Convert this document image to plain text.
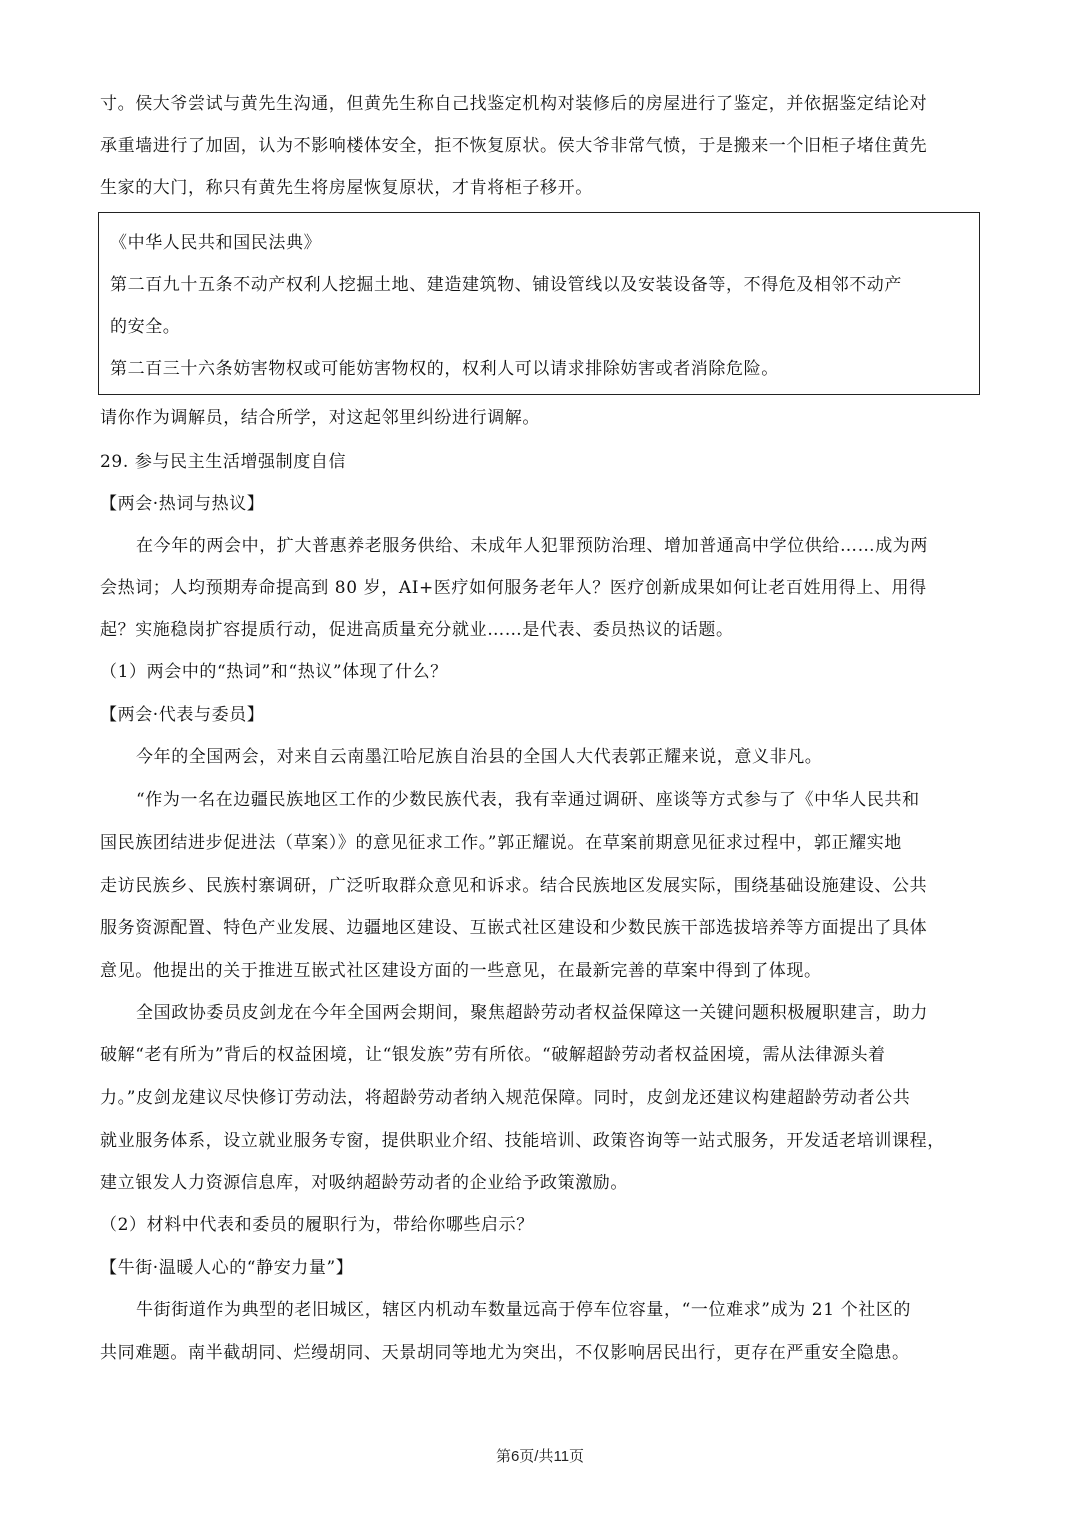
寸。侯大爷尝试与黄先生沟通，但黄先生称自己找鉴定机构对装修后的房屋进行了鉴定，并依据鉴定结论对
承重墙进行了加固，认为不影响楼体安全，拒不恢复原状。侯大爷非常气愤，于是搬来一个旧柜子堵住黄先
生家的大门，称只有黄先生将房屋恢复原状，才肯将柜子移开。
《中华人民共和国民法典》
第二百九十五条不动产权利人挖掘土地、建造建筑物、铺设管线以及安装设备等，不得危及相邻不动产
的安全。
第二百三十六条妨害物权或可能妨害物权的，权利人可以请求排除妨害或者消除危险。
请你作为调解员，结合所学，对这起邻里纠纷进行调解。
29. 参与民主生活增强制度自信
【两会·热词与热议】
在今年的两会中，扩大普惠养老服务供给、未成年人犯罪预防治理、增加普通高中学位供给……成为两
会热词；人均预期寿命提高到 80 岁，AI+医疗如何服务老年人？医疗创新成果如何让老百姓用得上、用得
起？实施稳岗扩容提质行动，促进高质量充分就业……是代表、委员热议的话题。
（1）两会中的“热词”和“热议”体现了什么？
【两会·代表与委员】
今年的全国两会，对来自云南墨江哈尼族自治县的全国人大代表郭正耀来说，意义非凡。
“作为一名在边疆民族地区工作的少数民族代表，我有幸通过调研、座谈等方式参与了《中华人民共和
国民族团结进步促进法（草案）》的意见征求工作。”郭正耀说。在草案前期意见征求过程中，郭正耀实地
走访民族乡、民族村寨调研，广泛听取群众意见和诉求。结合民族地区发展实际，围绕基础设施建设、公共
服务资源配置、特色产业发展、边疆地区建设、互嵌式社区建设和少数民族干部选拔培养等方面提出了具体
意见。他提出的关于推进互嵌式社区建设方面的一些意见，在最新完善的草案中得到了体现。
全国政协委员皮剑龙在今年全国两会期间，聚焦超龄劳动者权益保障这一关键问题积极履职建言，助力
破解“老有所为”背后的权益困境，让“银发族”劳有所依。“破解超龄劳动者权益困境，需从法律源头着
力。”皮剑龙建议尽快修订劳动法，将超龄劳动者纳入规范保障。同时，皮剑龙还建议构建超龄劳动者公共
就业服务体系，设立就业服务专窗，提供职业介绍、技能培训、政策咨询等一站式服务，开发适老培训课程，
建立银发人力资源信息库，对吸纳超龄劳动者的企业给予政策激励。
（2）材料中代表和委员的履职行为，带给你哪些启示？
【牛街·温暖人心的“静安力量”】
牛街街道作为典型的老旧城区，辖区内机动车数量远高于停车位容量，“一位难求”成为 21 个社区的
共同难题。南半截胡同、烂缦胡同、天景胡同等地尤为突出，不仅影响居民出行，更存在严重安全隐患。
第6页/共11页
